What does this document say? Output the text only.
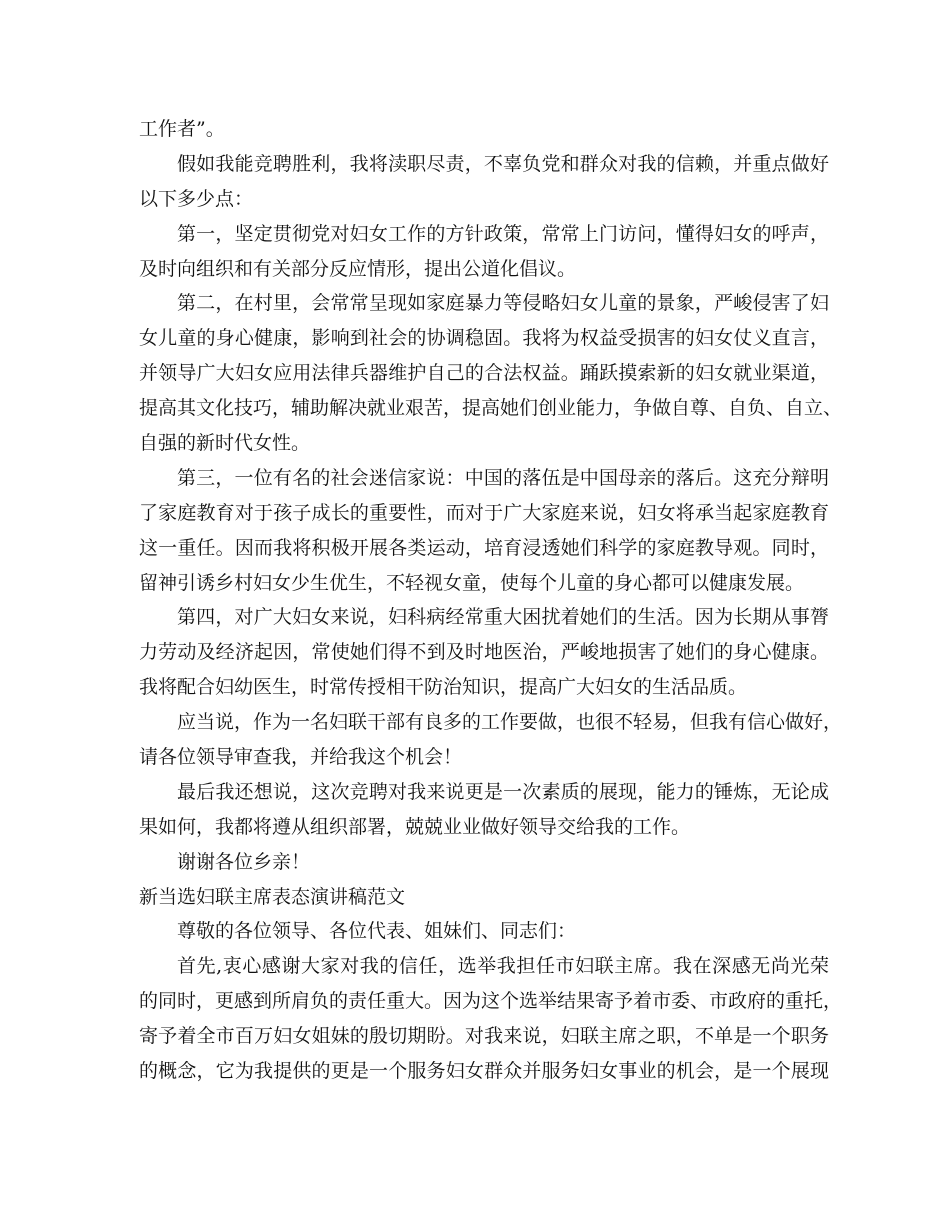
工作者”。
假如我能竞聘胜利，我将渎职尽责，不辜负党和群众对我的信赖，并重点做好
以下多少点：
第一，坚定贯彻党对妇女工作的方针政策，常常上门访问，懂得妇女的呼声，
及时向组织和有关部分反应情形，提出公道化倡议。
第二，在村里，会常常呈现如家庭暴力等侵略妇女儿童的景象，严峻侵害了妇
女儿童的身心健康，影响到社会的协调稳固。我将为权益受损害的妇女仗义直言，
并领导广大妇女应用法律兵器维护自己的合法权益。踊跃摸索新的妇女就业渠道，
提高其文化技巧，辅助解决就业艰苦，提高她们创业能力，争做自尊、自负、自立、
自强的新时代女性。
第三，一位有名的社会迷信家说：中国的落伍是中国母亲的落后。这充分辩明
了家庭教育对于孩子成长的重要性，而对于广大家庭来说，妇女将承当起家庭教育
这一重任。因而我将积极开展各类运动，培育浸透她们科学的家庭教导观。同时，
留神引诱乡村妇女少生优生，不轻视女童，使每个儿童的身心都可以健康发展。
第四，对广大妇女来说，妇科病经常重大困扰着她们的生活。因为长期从事膂
力劳动及经济起因，常使她们得不到及时地医治，严峻地损害了她们的身心健康。
我将配合妇幼医生，时常传授相干防治知识，提高广大妇女的生活品质。
应当说，作为一名妇联干部有良多的工作要做，也很不轻易，但我有信心做好，
请各位领导审查我，并给我这个机会！
最后我还想说，这次竞聘对我来说更是一次素质的展现，能力的锤炼，无论成
果如何，我都将遵从组织部署，兢兢业业做好领导交给我的工作。
谢谢各位乡亲！
新当选妇联主席表态演讲稿范文
尊敬的各位领导、各位代表、姐妹们、同志们：
首先,衷心感谢大家对我的信任，选举我担任市妇联主席。我在深感无尚光荣
的同时，更感到所肩负的责任重大。因为这个选举结果寄予着市委、市政府的重托，
寄予着全市百万妇女姐妹的殷切期盼。对我来说，妇联主席之职，不单是一个职务
的概念，它为我提供的更是一个服务妇女群众并服务妇女事业的机会，是一个展现
